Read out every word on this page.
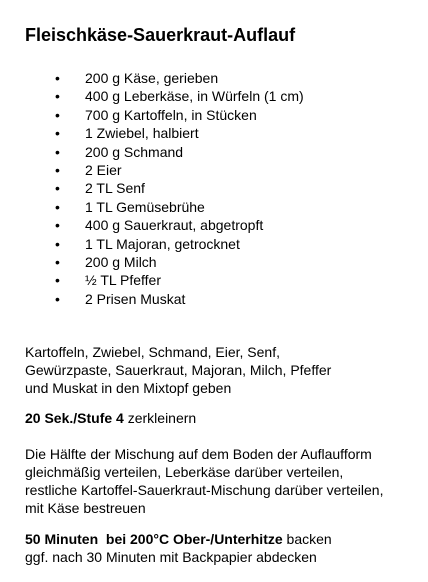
Fleischkäse-Sauerkraut-Auflauf
• 200 g Käse, gerieben
• 400 g Leberkäse, in Würfeln (1 cm)
• 700 g Kartoffeln, in Stücken
• 1 Zwiebel, halbiert
• 200 g Schmand
• 2 Eier
• 2 TL Senf
• 1 TL Gemüsebrühe
• 400 g Sauerkraut, abgetropft
• 1 TL Majoran, getrocknet
• 200 g Milch
• ½ TL Pfeffer
• 2 Prisen Muskat

Kartoffeln, Zwiebel, Schmand, Eier, Senf,
Gewürzpaste, Sauerkraut, Majoran, Milch, Pfeffer
und Muskat in den Mixtopf geben

20 Sek./Stufe 4 zerkleinern

Die Hälfte der Mischung auf dem Boden der Auflaufform
gleichmäßig verteilen, Leberkäse darüber verteilen,
restliche Kartoffel-Sauerkraut-Mischung darüber verteilen,
mit Käse bestreuen

50 Minuten  bei 200°C Ober-/Unterhitze backen
ggf. nach 30 Minuten mit Backpapier abdecken
